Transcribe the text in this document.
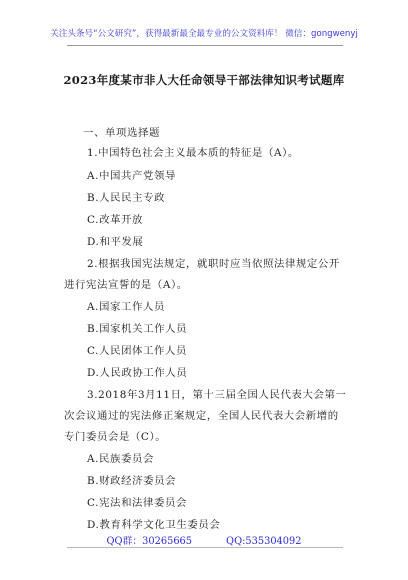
关注头条号“公文研究”，获得最新最全最专业的公文资料库！ 微信：gongwenyj
2023年度某市非人大任命领导干部法律知识考试题库
一、单项选择题
1.中国特色社会主义最本质的特征是（A）。
A.中国共产党领导
B.人民民主专政
C.改革开放
D.和平发展
2.根据我国宪法规定，就职时应当依照法律规定公开
进行宪法宣誓的是（A）。
A.国家工作人员
B.国家机关工作人员
C.人民团体工作人员
D.人民政协工作人员
3.2018年3月11日，第十三届全国人民代表大会第一
次会议通过的宪法修正案规定，全国人民代表大会新增的
专门委员会是（C）。
A.民族委员会
B.财政经济委员会
C.宪法和法律委员会
D.教育科学文化卫生委员会
QQ群：30265665	QQ:535304092
